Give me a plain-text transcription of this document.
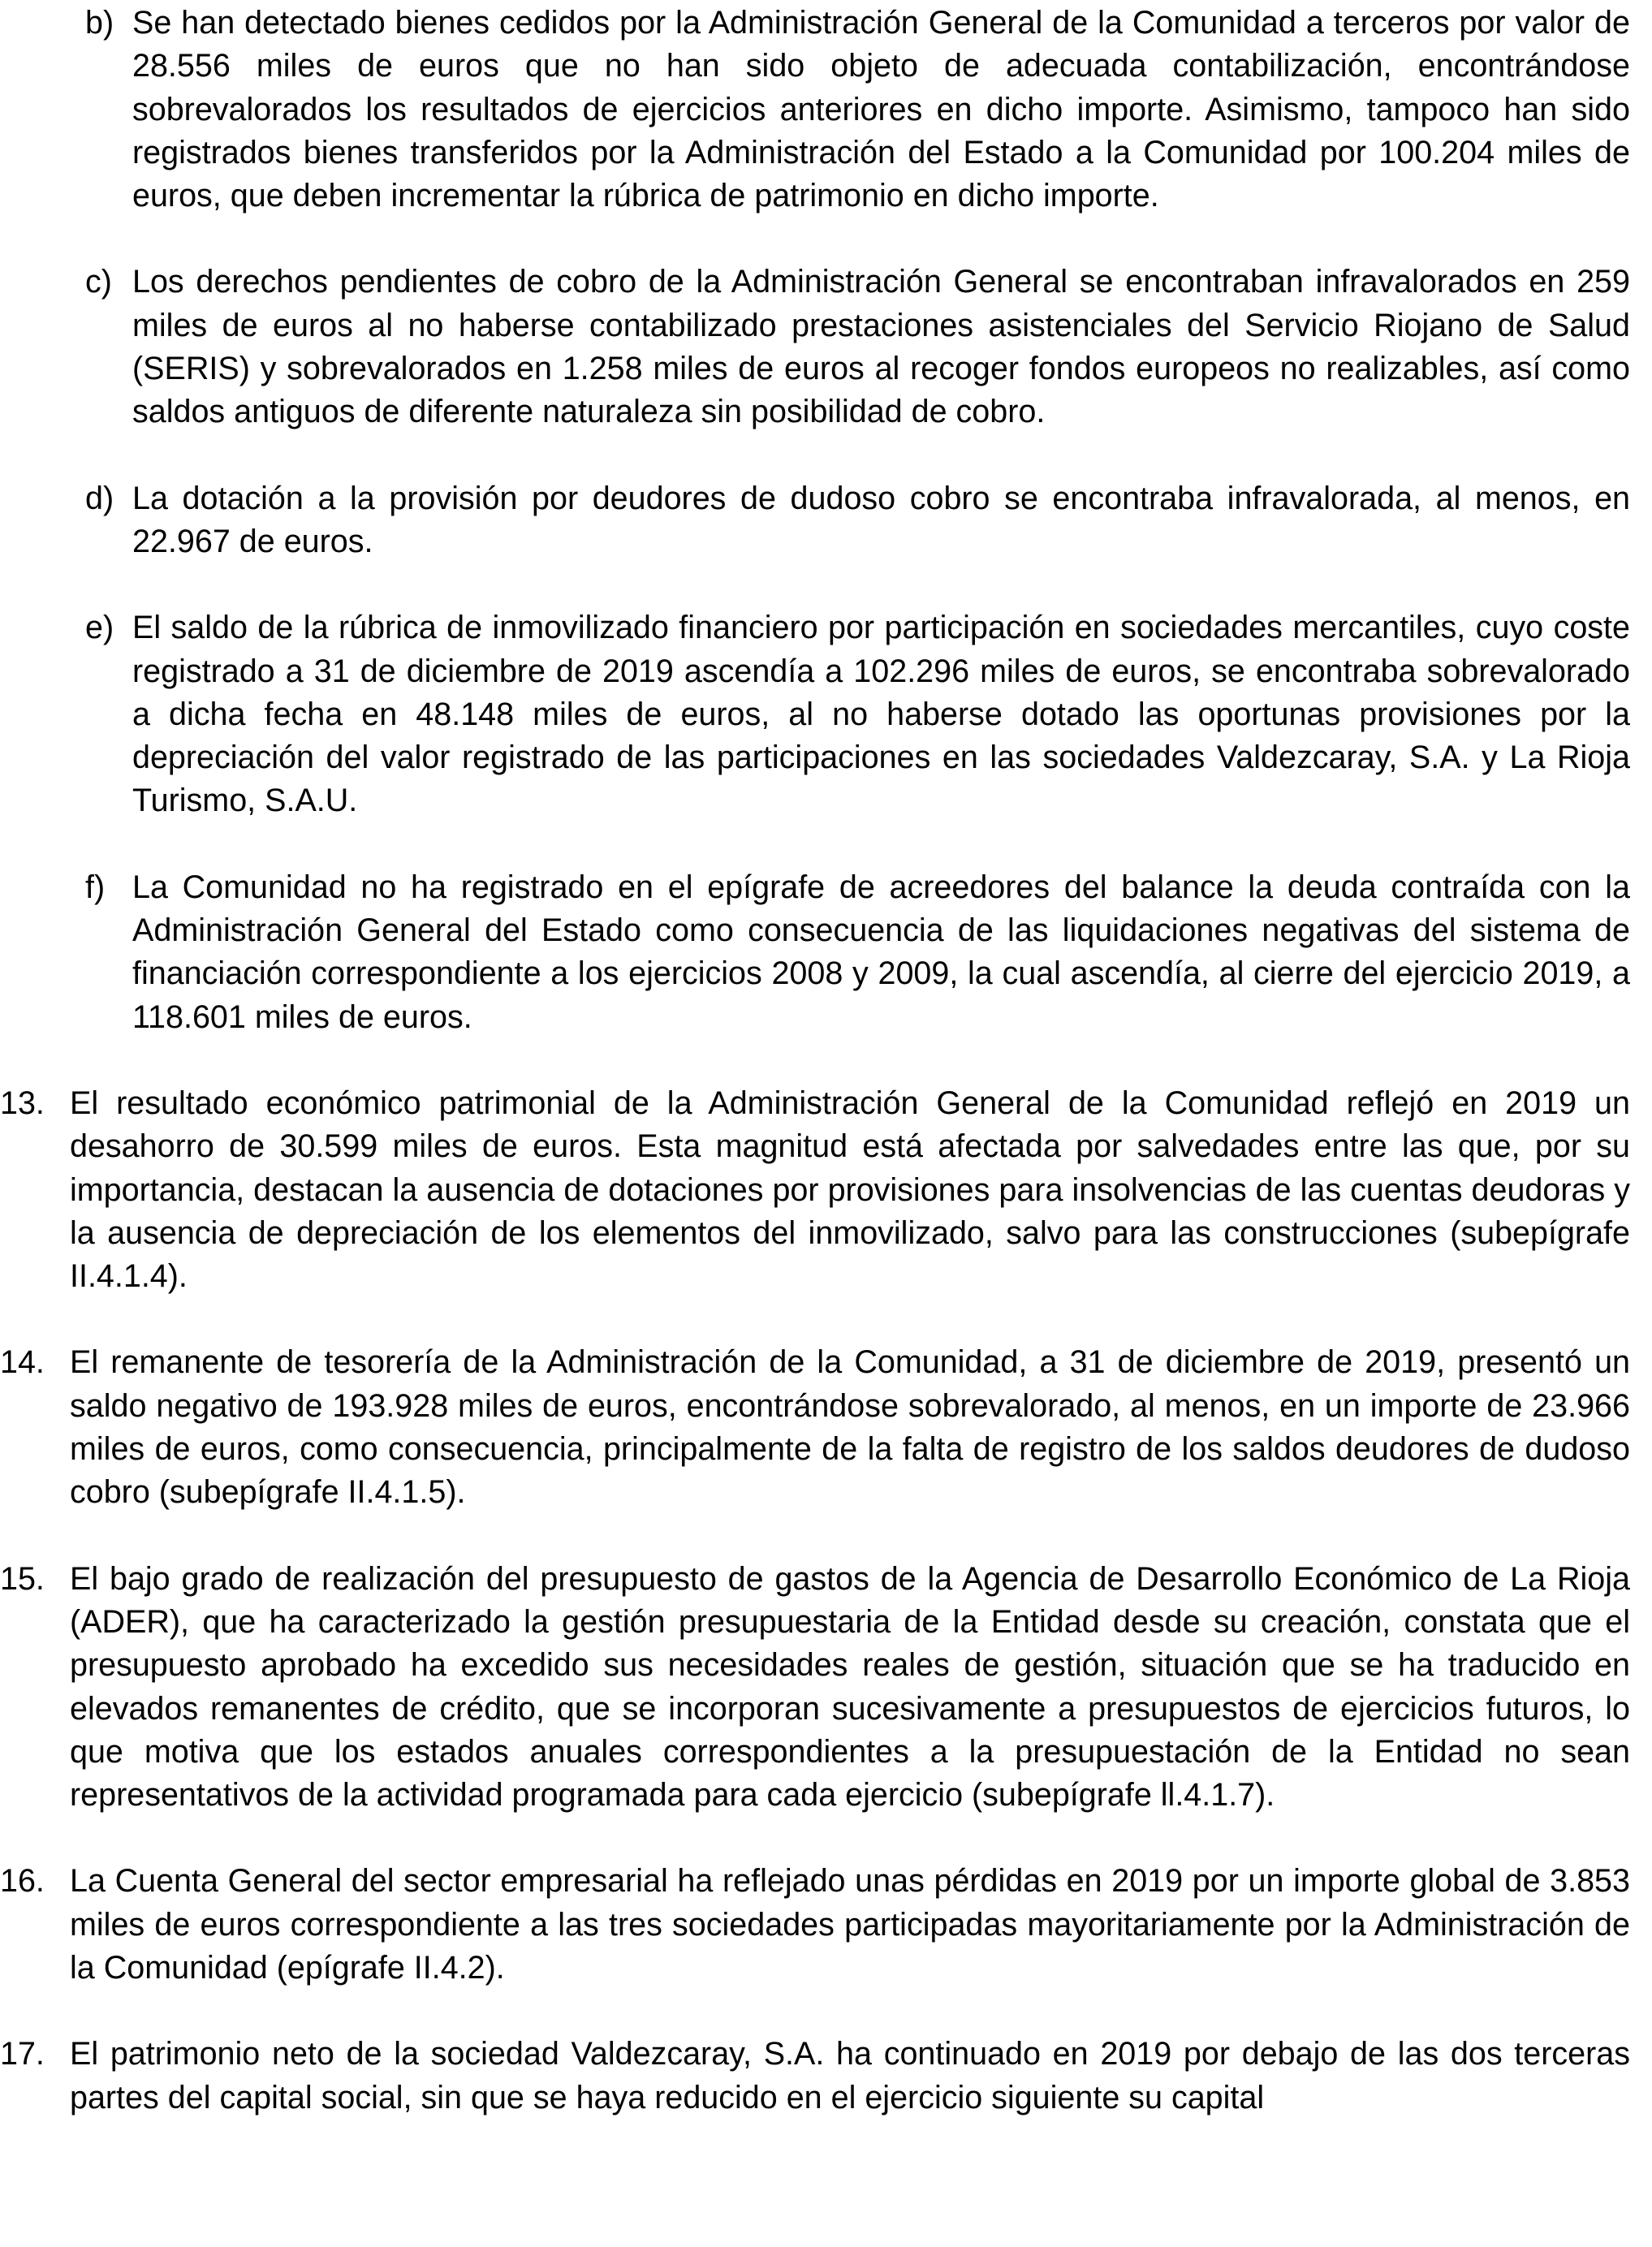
b) Se han detectado bienes cedidos por la Administración General de la Comunidad a terceros por valor de 28.556 miles de euros que no han sido objeto de adecuada contabilización, encontrándose sobrevalorados los resultados de ejercicios anteriores en dicho importe. Asimismo, tampoco han sido registrados bienes transferidos por la Administración del Estado a la Comunidad por 100.204 miles de euros, que deben incrementar la rúbrica de patrimonio en dicho importe.
c) Los derechos pendientes de cobro de la Administración General se encontraban infravalorados en 259 miles de euros al no haberse contabilizado prestaciones asistenciales del Servicio Riojano de Salud (SERIS) y sobrevalorados en 1.258 miles de euros al recoger fondos europeos no realizables, así como saldos antiguos de diferente naturaleza sin posibilidad de cobro.
d) La dotación a la provisión por deudores de dudoso cobro se encontraba infravalorada, al menos, en 22.967 de euros.
e) El saldo de la rúbrica de inmovilizado financiero por participación en sociedades mercantiles, cuyo coste registrado a 31 de diciembre de 2019 ascendía a 102.296 miles de euros, se encontraba sobrevalorado a dicha fecha en 48.148 miles de euros, al no haberse dotado las oportunas provisiones por la depreciación del valor registrado de las participaciones en las sociedades Valdezcaray, S.A. y La Rioja Turismo, S.A.U.
f) La Comunidad no ha registrado en el epígrafe de acreedores del balance la deuda contraída con la Administración General del Estado como consecuencia de las liquidaciones negativas del sistema de financiación correspondiente a los ejercicios 2008 y 2009, la cual ascendía, al cierre del ejercicio 2019, a 118.601 miles de euros.
13. El resultado económico patrimonial de la Administración General de la Comunidad reflejó en 2019 un desahorro de 30.599 miles de euros. Esta magnitud está afectada por salvedades entre las que, por su importancia, destacan la ausencia de dotaciones por provisiones para insolvencias de las cuentas deudoras y la ausencia de depreciación de los elementos del inmovilizado, salvo para las construcciones (subepígrafe II.4.1.4).
14. El remanente de tesorería de la Administración de la Comunidad, a 31 de diciembre de 2019, presentó un saldo negativo de 193.928 miles de euros, encontrándose sobrevalorado, al menos, en un importe de 23.966 miles de euros, como consecuencia, principalmente de la falta de registro de los saldos deudores de dudoso cobro (subepígrafe II.4.1.5).
15. El bajo grado de realización del presupuesto de gastos de la Agencia de Desarrollo Económico de La Rioja (ADER), que ha caracterizado la gestión presupuestaria de la Entidad desde su creación, constata que el presupuesto aprobado ha excedido sus necesidades reales de gestión, situación que se ha traducido en elevados remanentes de crédito, que se incorporan sucesivamente a presupuestos de ejercicios futuros, lo que motiva que los estados anuales correspondientes a la presupuestación de la Entidad no sean representativos de la actividad programada para cada ejercicio (subepígrafe ll.4.1.7).
16. La Cuenta General del sector empresarial ha reflejado unas pérdidas en 2019 por un importe global de 3.853 miles de euros correspondiente a las tres sociedades participadas mayoritariamente por la Administración de la Comunidad (epígrafe II.4.2).
17. El patrimonio neto de la sociedad Valdezcaray, S.A. ha continuado en 2019 por debajo de las dos terceras partes del capital social, sin que se haya reducido en el ejercicio siguiente su capital
